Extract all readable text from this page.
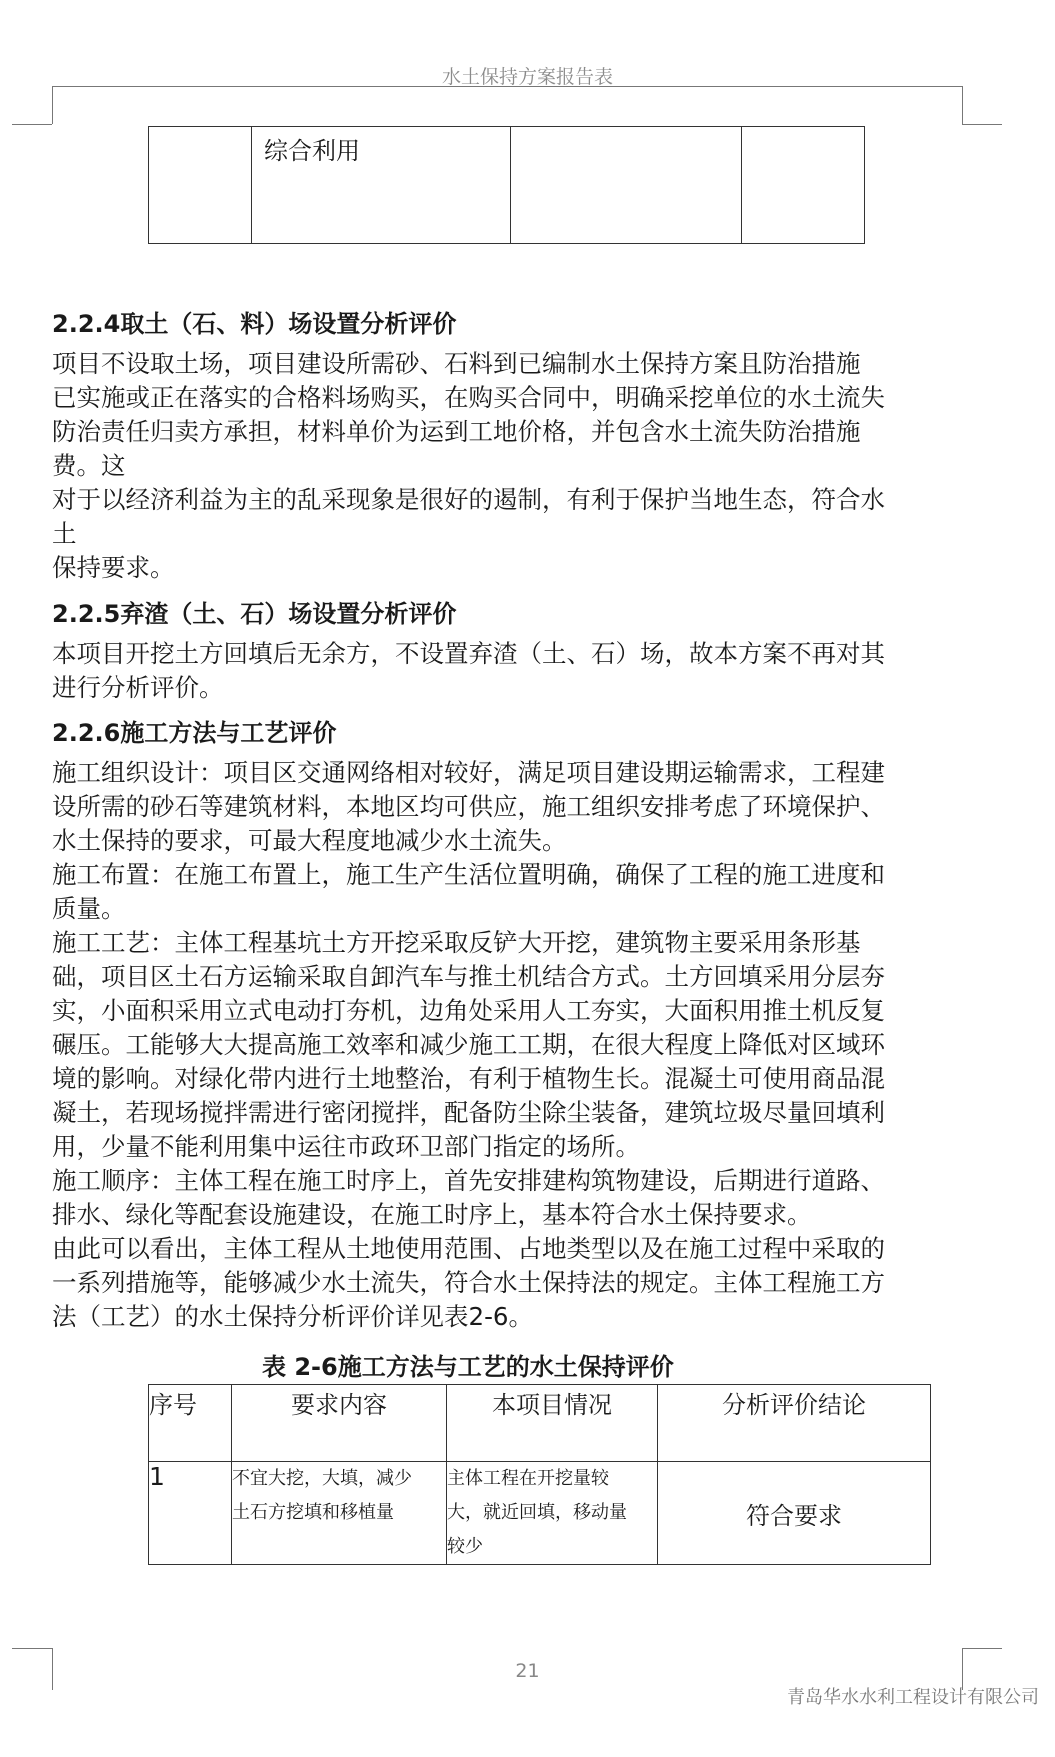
水土保持方案报告表
	综合利用		
2.2.4取土（石、料）场设置分析评价
项目不设取土场，项目建设所需砂、石料到已编制水土保持方案且防治措施
已实施或正在落实的合格料场购买，在购买合同中，明确采挖单位的水土流失
防治责任归卖方承担，材料单价为运到工地价格，并包含水土流失防治措施
费。这
对于以经济利益为主的乱采现象是很好的遏制，有利于保护当地生态，符合水
土
保持要求。
2.2.5弃渣（土、石）场设置分析评价
本项目开挖土方回填后无余方，不设置弃渣（土、石）场，故本方案不再对其
进行分析评价。
2.2.6施工方法与工艺评价
施工组织设计：项目区交通网络相对较好，满足项目建设期运输需求，工程建
设所需的砂石等建筑材料，本地区均可供应，施工组织安排考虑了环境保护、
水土保持的要求，可最大程度地减少水土流失。
施工布置：在施工布置上，施工生产生活位置明确，确保了工程的施工进度和
质量。
施工工艺：主体工程基坑土方开挖采取反铲大开挖，建筑物主要采用条形基
础，项目区土石方运输采取自卸汽车与推土机结合方式。土方回填采用分层夯
实，小面积采用立式电动打夯机，边角处采用人工夯实，大面积用推土机反复
碾压。工能够大大提高施工效率和减少施工工期，在很大程度上降低对区域环
境的影响。对绿化带内进行土地整治，有利于植物生长。混凝土可使用商品混
凝土，若现场搅拌需进行密闭搅拌，配备防尘除尘装备，建筑垃圾尽量回填利
用，少量不能利用集中运往市政环卫部门指定的场所。
施工顺序：主体工程在施工时序上，首先安排建构筑物建设，后期进行道路、
排水、绿化等配套设施建设，在施工时序上，基本符合水土保持要求。
由此可以看出，主体工程从土地使用范围、占地类型以及在施工过程中采取的
一系列措施等，能够减少水土流失，符合水土保持法的规定。主体工程施工方
法（工艺）的水土保持分析评价详见表2-6。
表 2-6施工方法与工艺的水土保持评价
序号	要求内容	本项目情况	分析评价结论
1	不宜大挖，大填，减少
土石方挖填和移植量	主体工程在开挖量较
大，就近回填，移动量
较少	符合要求
21
青岛华水水利工程设计有限公司
